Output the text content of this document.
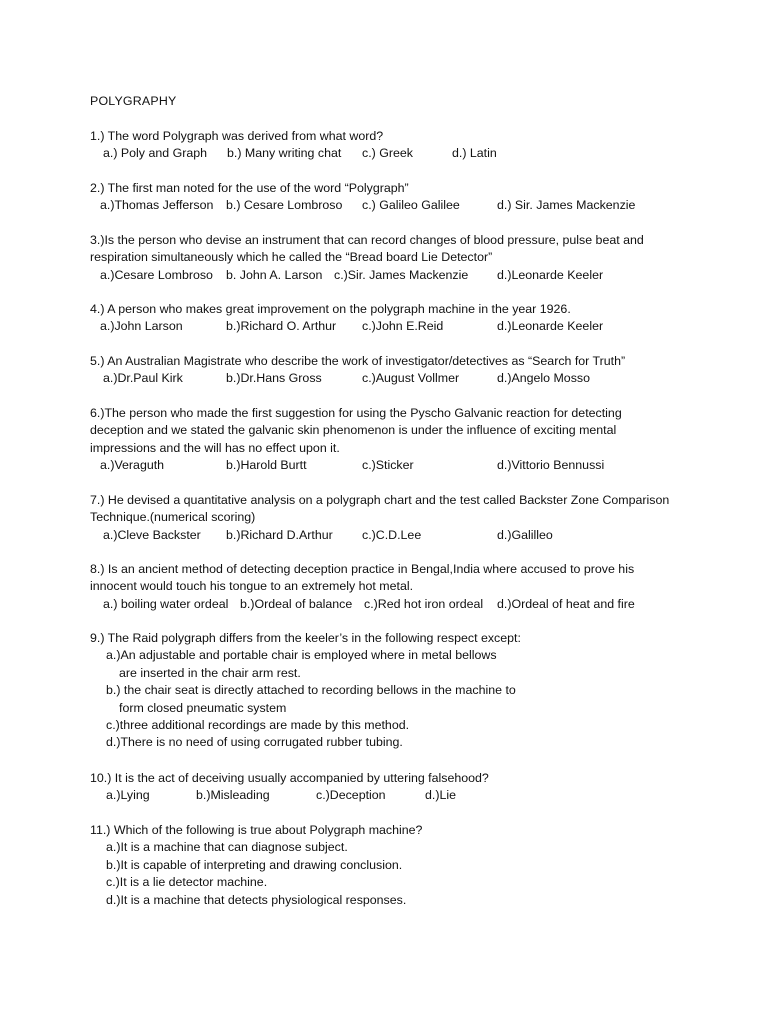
POLYGRAPHY
1.) The word Polygraph was derived from what word?
a.) Poly and Graph b.) Many writing chat c.) Greek	d.) Latin
2.) The first man noted for the use of the word “Polygraph”
a.)Thomas Jefferson b.) Cesare Lombroso c.) Galileo Galilee	d.) Sir. James Mackenzie
3.)Is the person who devise an instrument that can record changes of blood pressure, pulse beat and
respiration simultaneously which he called the “Bread board Lie Detector”
a.)Cesare Lombroso b. John A. Larson c.)Sir. James Mackenzie d.)Leonarde Keeler
4.) A person who makes great improvement on the polygraph machine in the year 1926.
a.)John Larson	b.)Richard O. Arthur c.)John E.Reid	d.)Leonarde Keeler
5.) An Australian Magistrate who describe the work of investigator/detectives as “Search for Truth”
a.)Dr.Paul Kirk	b.)Dr.Hans Gross	c.)August Vollmer	d.)Angelo Mosso
6.)The person who made the first suggestion for using the Pyscho Galvanic reaction for detecting
deception and we stated the galvanic skin phenomenon is under the influence of exciting mental
impressions and the will has no effect upon it.
a.)Veraguth	b.)Harold Burtt	c.)Sticker	d.)Vittorio Bennussi
7.) He devised a quantitative analysis on a polygraph chart and the test called Backster Zone Comparison
Technique.(numerical scoring)
a.)Cleve Backster b.)Richard D.Arthur c.)C.D.Lee	d.)Galilleo
8.) Is an ancient method of detecting deception practice in Bengal,India where accused to prove his
innocent would touch his tongue to an extremely hot metal.
a.) boiling water ordeal b.)Ordeal of balance c.)Red hot iron ordeal d.)Ordeal of heat and fire
9.) The Raid polygraph differs from the keeler’s in the following respect except:
a.)An adjustable and portable chair is employed where in metal bellows
are inserted in the chair arm rest.
b.) the chair seat is directly attached to recording bellows in the machine to
form closed pneumatic system
c.)three additional recordings are made by this method.
d.)There is no need of using corrugated rubber tubing.
10.) It is the act of deceiving usually accompanied by uttering falsehood?
a.)Lying	b.)Misleading	c.)Deception	d.)Lie
11.) Which of the following is true about Polygraph machine?
a.)It is a machine that can diagnose subject.
b.)It is capable of interpreting and drawing conclusion.
c.)It is a lie detector machine.
d.)It is a machine that detects physiological responses.
